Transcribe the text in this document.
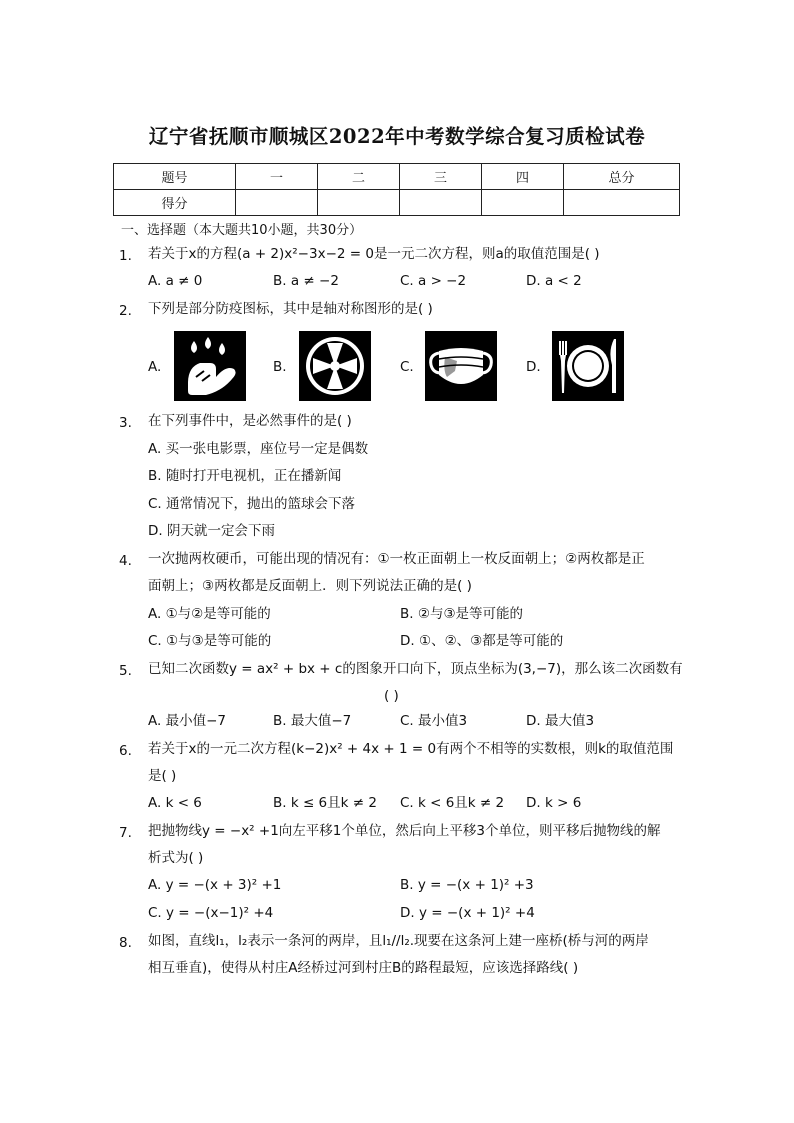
辽宁省抚顺市顺城区2022年中考数学综合复习质检试卷
题号	一	二	三	四	总分
得分					
一、选择题（本大题共10小题，共30分）
1. 若关于x的方程(a + 2)x²−3x−2 = 0是一元二次方程，则a的取值范围是( )
A. a ≠ 0	B. a ≠ −2	C. a > −2	D. a < 2
2. 下列是部分防疫图标，其中是轴对称图形的是( )
A.	B.	C.	D.
3. 在下列事件中，是必然事件的是( )
A. 买一张电影票，座位号一定是偶数
B. 随时打开电视机，正在播新闻
C. 通常情况下，抛出的篮球会下落
D. 阴天就一定会下雨
4. 一次抛两枚硬币，可能出现的情况有：①一枚正面朝上一枚反面朝上；②两枚都是正
面朝上；③两枚都是反面朝上．则下列说法正确的是( )
A. ①与②是等可能的	B. ②与③是等可能的
C. ①与③是等可能的	D. ①、②、③都是等可能的
5. 已知二次函数y = ax² + bx + c的图象开口向下，顶点坐标为(3,−7)，那么该二次函数有
( )
A. 最小值−7	B. 最大值−7	C. 最小值3	D. 最大值3
6. 若关于x的一元二次方程(k−2)x² + 4x + 1 = 0有两个不相等的实数根，则k的取值范围
是( )
A. k < 6	B. k ≤ 6且k ≠ 2 C. k < 6且k ≠ 2 D. k > 6
7. 把抛物线y = −x² +1向左平移1个单位，然后向上平移3个单位，则平移后抛物线的解
析式为( )
A. y = −(x + 3)² +1	B. y = −(x + 1)² +3
C. y = −(x−1)² +4	D. y = −(x + 1)² +4
8. 如图，直线l₁，l₂表示一条河的两岸，且l₁//l₂.现要在这条河上建一座桥(桥与河的两岸
相互垂直)，使得从村庄A经桥过河到村庄B的路程最短，应该选择路线( )
